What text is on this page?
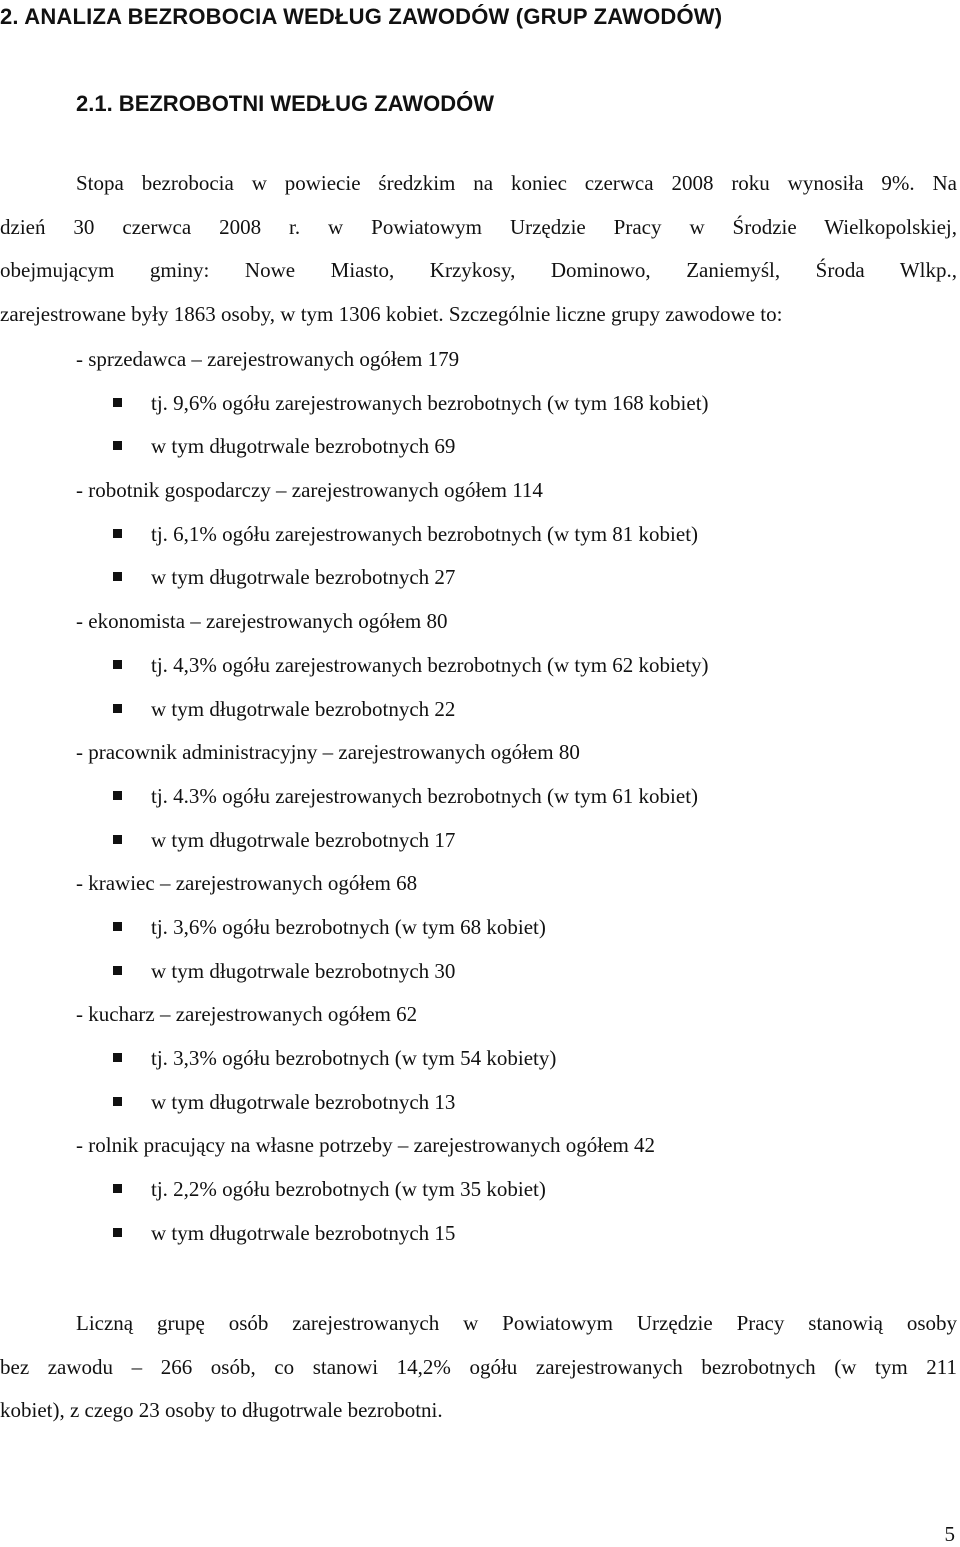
2. ANALIZA BEZROBOCIA WEDŁUG ZAWODÓW (GRUP ZAWODÓW)
2.1. BEZROBOTNI WEDŁUG ZAWODÓW
Stopa bezrobocia w powiecie średzkim na koniec czerwca 2008 roku wynosiła 9%. Na
dzień 30 czerwca 2008 r. w Powiatowym Urzędzie Pracy w Środzie Wielkopolskiej,
obejmującym gminy: Nowe Miasto, Krzykosy, Dominowo, Zaniemyśl, Środa Wlkp.,
zarejestrowane były 1863 osoby, w tym 1306 kobiet. Szczególnie liczne grupy zawodowe to:
- sprzedawca – zarejestrowanych ogółem 179
tj. 9,6% ogółu zarejestrowanych bezrobotnych (w tym 168 kobiet)
w tym długotrwale bezrobotnych 69
- robotnik gospodarczy – zarejestrowanych ogółem 114
tj. 6,1% ogółu zarejestrowanych bezrobotnych (w tym 81 kobiet)
w tym długotrwale bezrobotnych 27
- ekonomista – zarejestrowanych ogółem 80
tj. 4,3% ogółu zarejestrowanych bezrobotnych (w tym 62 kobiety)
w tym długotrwale bezrobotnych 22
- pracownik administracyjny – zarejestrowanych ogółem 80
tj. 4.3% ogółu zarejestrowanych bezrobotnych (w tym 61 kobiet)
w tym długotrwale bezrobotnych 17
- krawiec – zarejestrowanych ogółem 68
tj. 3,6% ogółu bezrobotnych (w tym 68 kobiet)
w tym długotrwale bezrobotnych 30
- kucharz – zarejestrowanych ogółem 62
tj. 3,3% ogółu bezrobotnych (w tym 54 kobiety)
w tym długotrwale bezrobotnych 13
- rolnik pracujący na własne potrzeby – zarejestrowanych ogółem 42
tj. 2,2% ogółu bezrobotnych (w tym 35 kobiet)
w tym długotrwale bezrobotnych 15
Liczną grupę osób zarejestrowanych w Powiatowym Urzędzie Pracy stanowią osoby
bez zawodu – 266 osób, co stanowi 14,2% ogółu zarejestrowanych bezrobotnych (w tym 211
kobiet), z czego 23 osoby to długotrwale bezrobotni.
5
